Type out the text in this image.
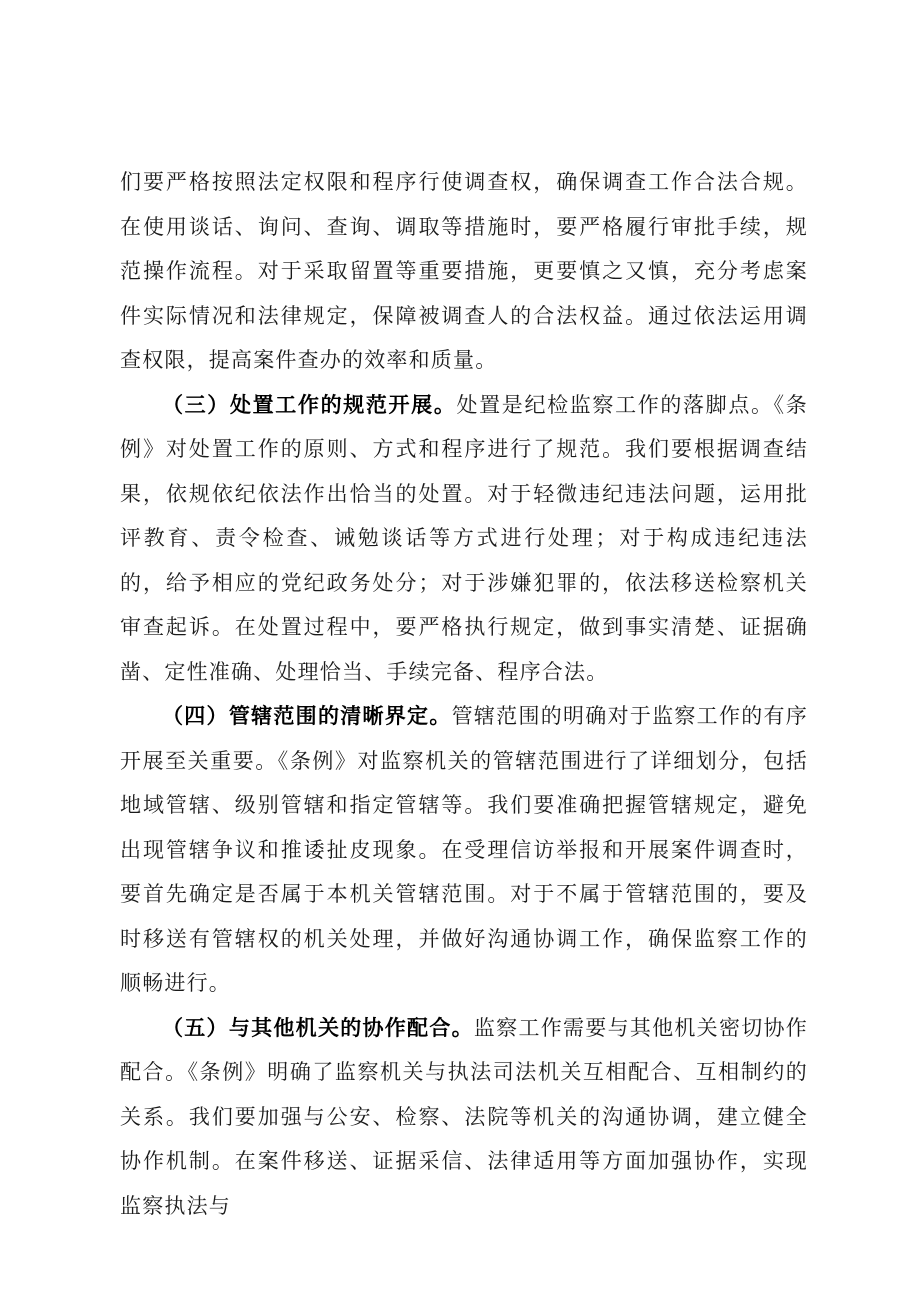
们要严格按照法定权限和程序行使调查权，确保调查工作合法合规。在使用谈话、询问、查询、调取等措施时，要严格履行审批手续，规范操作流程。对于采取留置等重要措施，更要慎之又慎，充分考虑案件实际情况和法律规定，保障被调查人的合法权益。通过依法运用调查权限，提高案件查办的效率和质量。

（三）处置工作的规范开展。处置是纪检监察工作的落脚点。《条例》对处置工作的原则、方式和程序进行了规范。我们要根据调查结果，依规依纪依法作出恰当的处置。对于轻微违纪违法问题，运用批评教育、责令检查、诫勉谈话等方式进行处理；对于构成违纪违法的，给予相应的党纪政务处分；对于涉嫌犯罪的，依法移送检察机关审查起诉。在处置过程中，要严格执行规定，做到事实清楚、证据确凿、定性准确、处理恰当、手续完备、程序合法。

（四）管辖范围的清晰界定。管辖范围的明确对于监察工作的有序开展至关重要。《条例》对监察机关的管辖范围进行了详细划分，包括地域管辖、级别管辖和指定管辖等。我们要准确把握管辖规定，避免出现管辖争议和推诿扯皮现象。在受理信访举报和开展案件调查时，要首先确定是否属于本机关管辖范围。对于不属于管辖范围的，要及时移送有管辖权的机关处理，并做好沟通协调工作，确保监察工作的顺畅进行。

（五）与其他机关的协作配合。监察工作需要与其他机关密切协作配合。《条例》明确了监察机关与执法司法机关互相配合、互相制约的关系。我们要加强与公安、检察、法院等机关的沟通协调，建立健全协作机制。在案件移送、证据采信、法律适用等方面加强协作，实现监察执法与
